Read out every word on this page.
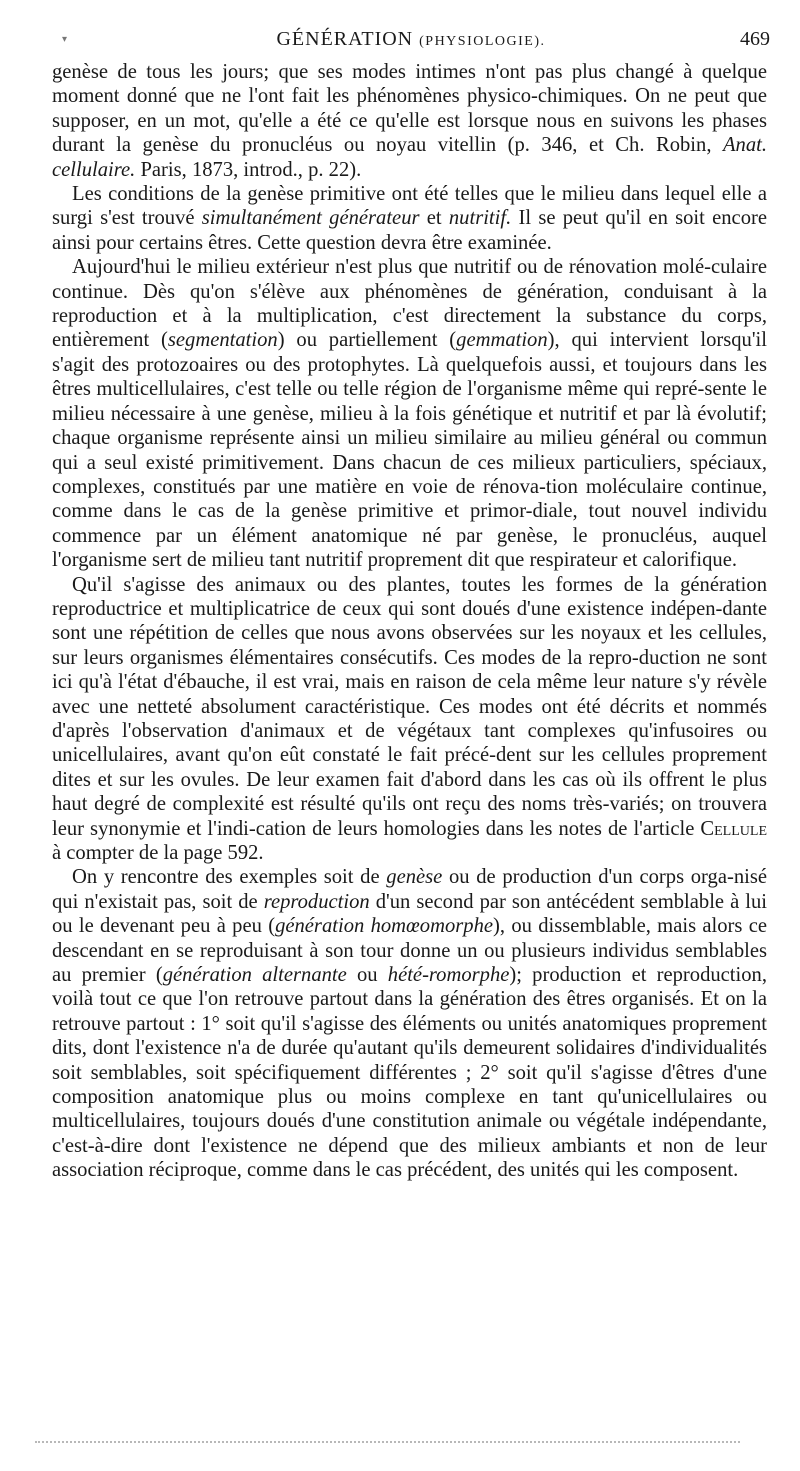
▾	GÉNÉRATION (PHYSIOLOGIE).	469

genèse de tous les jours; que ses modes intimes n'ont pas plus changé à quelque moment donné que ne l'ont fait les phénomènes physico-chimiques. On ne peut que supposer, en un mot, qu'elle a été ce qu'elle est lorsque nous en suivons les phases durant la genèse du pronucléus ou noyau vitellin (p. 346, et Ch. Robin, Anat. cellulaire. Paris, 1873, introd., p. 22).

Les conditions de la genèse primitive ont été telles que le milieu dans lequel elle a surgi s'est trouvé simultanément générateur et nutritif. Il se peut qu'il en soit encore ainsi pour certains êtres. Cette question devra être examinée.

Aujourd'hui le milieu extérieur n'est plus que nutritif ou de rénovation molé-culaire continue. Dès qu'on s'élève aux phénomènes de génération, conduisant à la reproduction et à la multiplication, c'est directement la substance du corps, entièrement (segmentation) ou partiellement (gemmation), qui intervient lorsqu'il s'agit des protozoaires ou des protophytes. Là quelquefois aussi, et toujours dans les êtres multicellulaires, c'est telle ou telle région de l'organisme même qui repré-sente le milieu nécessaire à une genèse, milieu à la fois génétique et nutritif et par là évolutif; chaque organisme représente ainsi un milieu similaire au milieu général ou commun qui a seul existé primitivement. Dans chacun de ces milieux particuliers, spéciaux, complexes, constitués par une matière en voie de rénova-tion moléculaire continue, comme dans le cas de la genèse primitive et primor-diale, tout nouvel individu commence par un élément anatomique né par genèse, le pronucléus, auquel l'organisme sert de milieu tant nutritif proprement dit que respirateur et calorifique.

Qu'il s'agisse des animaux ou des plantes, toutes les formes de la génération reproductrice et multiplicatrice de ceux qui sont doués d'une existence indépen-dante sont une répétition de celles que nous avons observées sur les noyaux et les cellules, sur leurs organismes élémentaires consécutifs. Ces modes de la repro-duction ne sont ici qu'à l'état d'ébauche, il est vrai, mais en raison de cela même leur nature s'y révèle avec une netteté absolument caractéristique. Ces modes ont été décrits et nommés d'après l'observation d'animaux et de végétaux tant complexes qu'infusoires ou unicellulaires, avant qu'on eût constaté le fait précé-dent sur les cellules proprement dites et sur les ovules. De leur examen fait d'abord dans les cas où ils offrent le plus haut degré de complexité est résulté qu'ils ont reçu des noms très-variés; on trouvera leur synonymie et l'indi-cation de leurs homologies dans les notes de l'article Cellule à compter de la page 592.

On y rencontre des exemples soit de genèse ou de production d'un corps orga-nisé qui n'existait pas, soit de reproduction d'un second par son antécédent semblable à lui ou le devenant peu à peu (génération homœomorphe), ou dissemblable, mais alors ce descendant en se reproduisant à son tour donne un ou plusieurs individus semblables au premier (génération alternante ou hété-romorphe); production et reproduction, voilà tout ce que l'on retrouve partout dans la génération des êtres organisés. Et on la retrouve partout : 1° soit qu'il s'agisse des éléments ou unités anatomiques proprement dits, dont l'existence n'a de durée qu'autant qu'ils demeurent solidaires d'individualités soit semblables, soit spécifiquement différentes ; 2° soit qu'il s'agisse d'êtres d'une composition anatomique plus ou moins complexe en tant qu'unicellulaires ou multicellulaires, toujours doués d'une constitution animale ou végétale indépendante, c'est-à-dire dont l'existence ne dépend que des milieux ambiants et non de leur association réciproque, comme dans le cas précédent, des unités qui les composent.
